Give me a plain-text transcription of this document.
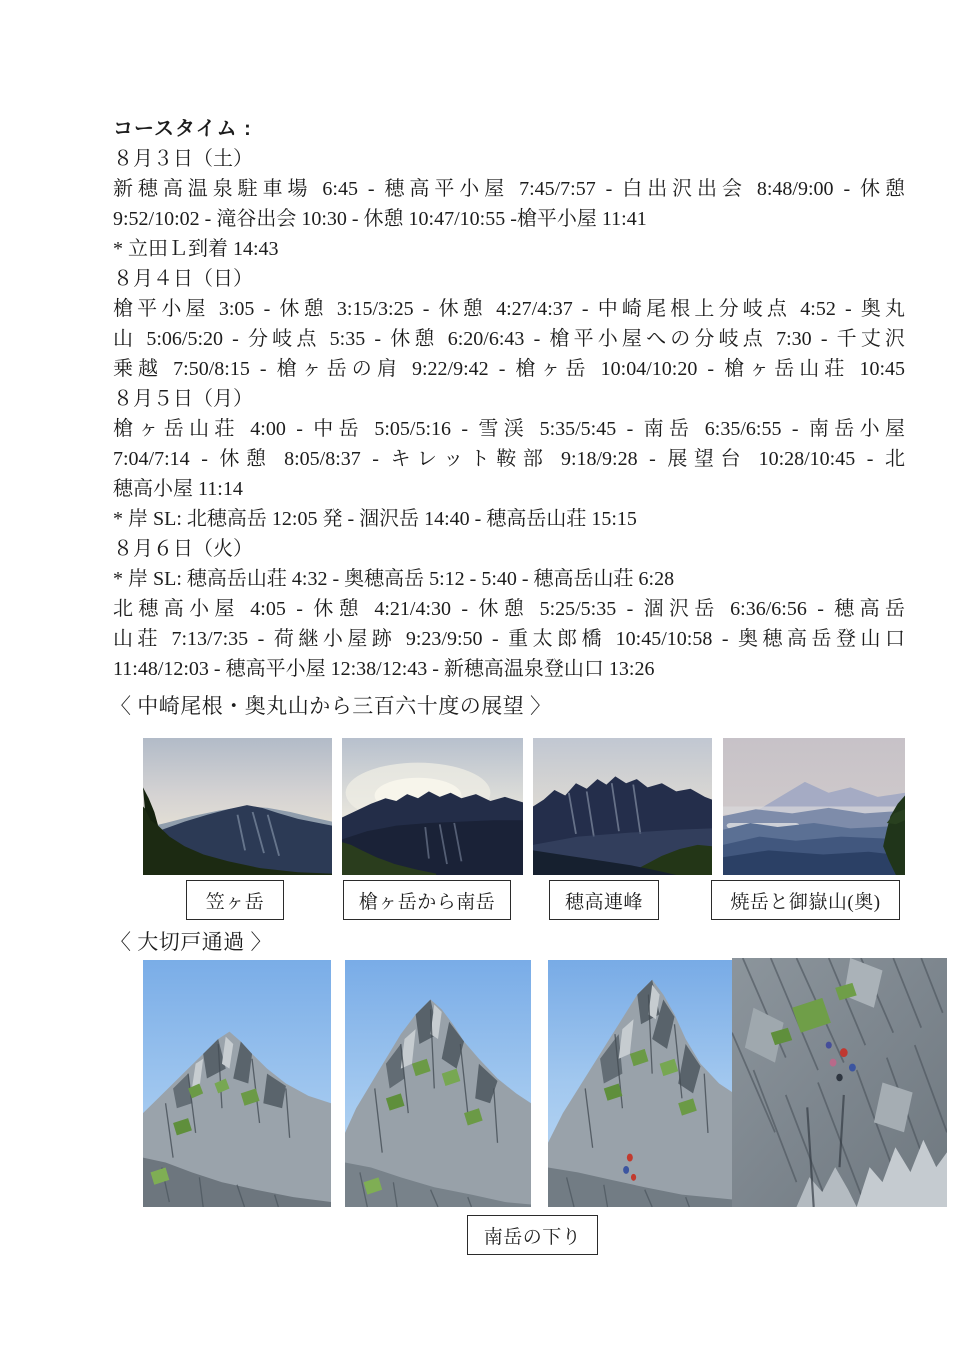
コースタイム :
８月３日（土）
新穂高温泉駐車場 6:45 - 穂高平小屋 7:45/7:57 - 白出沢出会 8:48/9:00 - 休憩
9:52/10:02 - 滝谷出会 10:30 - 休憩 10:47/10:55 -槍平小屋 11:41
* 立田Ｌ到着 14:43
８月４日（日）
槍平小屋 3:05 - 休憩 3:15/3:25 - 休憩 4:27/4:37 - 中崎尾根上分岐点 4:52 - 奥丸
山 5:06/5:20 - 分岐点 5:35 - 休憩 6:20/6:43 - 槍平小屋への分岐点 7:30 - 千丈沢
乗越 7:50/8:15 - 槍ヶ岳の肩 9:22/9:42 - 槍ヶ岳 10:04/10:20 - 槍ヶ岳山荘 10:45
８月５日（月）
槍ヶ岳山荘 4:00 - 中岳 5:05/5:16 - 雪渓 5:35/5:45 - 南岳 6:35/6:55 - 南岳小屋
7:04/7:14 - 休憩 8:05/8:37 - キレット鞍部 9:18/9:28 - 展望台 10:28/10:45 - 北
穂高小屋 11:14
* 岸 SL: 北穂高岳 12:05 発 - 涸沢岳 14:40 - 穂高岳山荘 15:15
８月６日（火）
* 岸 SL: 穂高岳山荘 4:32 - 奥穂高岳 5:12 - 5:40 - 穂高岳山荘 6:28
北穂高小屋 4:05 - 休憩 4:21/4:30 - 休憩 5:25/5:35 - 涸沢岳 6:36/6:56 - 穂高岳
山荘 7:13/7:35 - 荷継小屋跡 9:23/9:50 - 重太郎橋 10:45/10:58 - 奥穂高岳登山口
11:48/12:03 - 穂高平小屋 12:38/12:43 - 新穂高温泉登山口 13:26
〈 中崎尾根・奥丸山から三百六十度の展望 〉
笠ヶ岳	槍ヶ岳から南岳	穂高連峰	焼岳と御嶽山(奥)
〈 大切戸通過 〉
南岳の下り
